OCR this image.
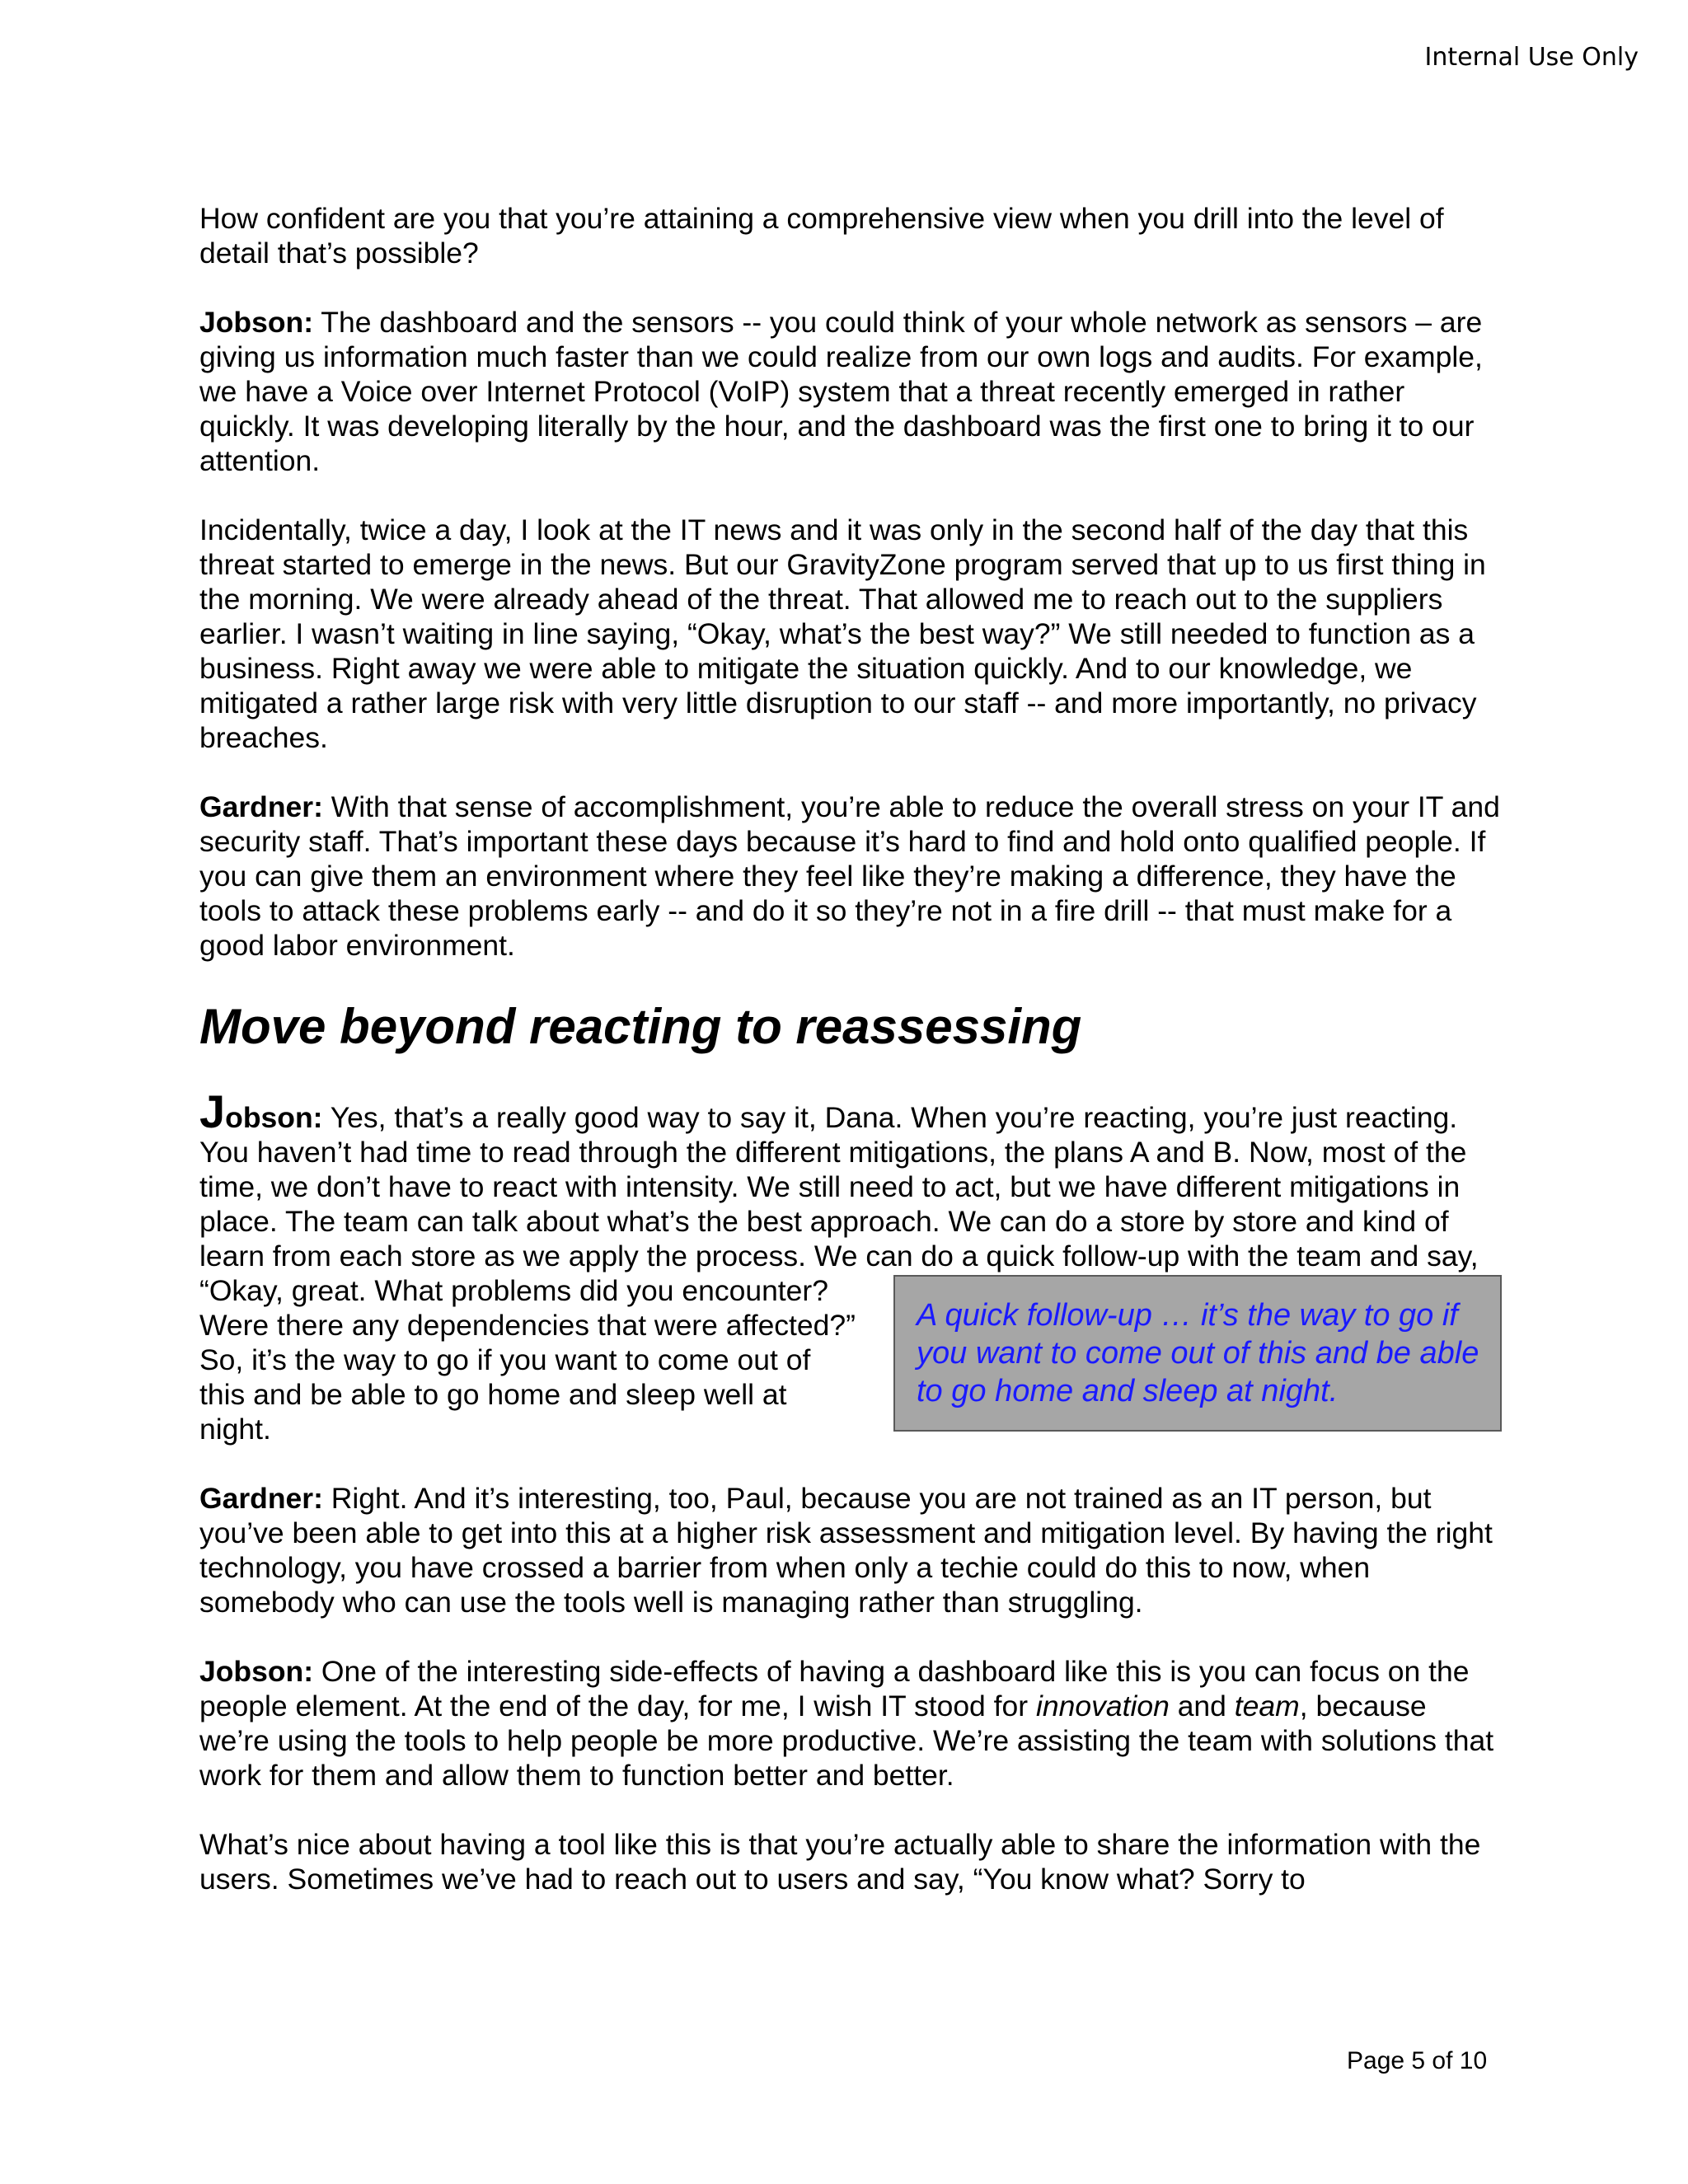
Internal Use Only

How confident are you that you’re attaining a comprehensive view when you drill into the level of detail that’s possible?

Jobson: The dashboard and the sensors -- you could think of your whole network as sensors – are giving us information much faster than we could realize from our own logs and audits. For example, we have a Voice over Internet Protocol (VoIP) system that a threat recently emerged in rather quickly. It was developing literally by the hour, and the dashboard was the first one to bring it to our attention.

Incidentally, twice a day, I look at the IT news and it was only in the second half of the day that this threat started to emerge in the news. But our GravityZone program served that up to us first thing in the morning. We were already ahead of the threat. That allowed me to reach out to the suppliers earlier. I wasn’t waiting in line saying, “Okay, what’s the best way?” We still needed to function as a business. Right away we were able to mitigate the situation quickly. And to our knowledge, we mitigated a rather large risk with very little disruption to our staff -- and more importantly, no privacy breaches.

Gardner: With that sense of accomplishment, you’re able to reduce the overall stress on your IT and security staff. That’s important these days because it’s hard to find and hold onto qualified people. If you can give them an environment where they feel like they’re making a difference, they have the tools to attack these problems early -- and do it so they’re not in a fire drill -- that must make for a good labor environment.

Move beyond reacting to reassessing

Jobson: Yes, that’s a really good way to say it, Dana. When you’re reacting, you’re just reacting. You haven’t had time to read through the different mitigations, the plans A and B. Now, most of the time, we don’t have to react with intensity. We still need to act, but we have different mitigations in place. The team can talk about what’s the best approach. We can do a store by store and kind of learn from each store as we apply the process. We can do a quick follow-up with the team and say, “Okay, great. What
A quick follow-up … it’s the way to go if you want to come out of this and be able to go home and sleep at night.
problems did you encounter? Were there any dependencies that were affected?” So, it’s the way to go if you want to come out of this and be able to go home and sleep well at night.

Gardner: Right. And it’s interesting, too, Paul, because you are not trained as an IT person, but you’ve been able to get into this at a higher risk assessment and mitigation level. By having the right technology, you have crossed a barrier from when only a techie could do this to now, when somebody who can use the tools well is managing rather than struggling.

Jobson: One of the interesting side-effects of having a dashboard like this is you can focus on the people element. At the end of the day, for me, I wish IT stood for innovation and team, because we’re using the tools to help people be more productive. We’re assisting the team with solutions that work for them and allow them to function better and better.

What’s nice about having a tool like this is that you’re actually able to share the information with the users. Sometimes we’ve had to reach out to users and say, “You know what? Sorry to

Page 5 of 10
